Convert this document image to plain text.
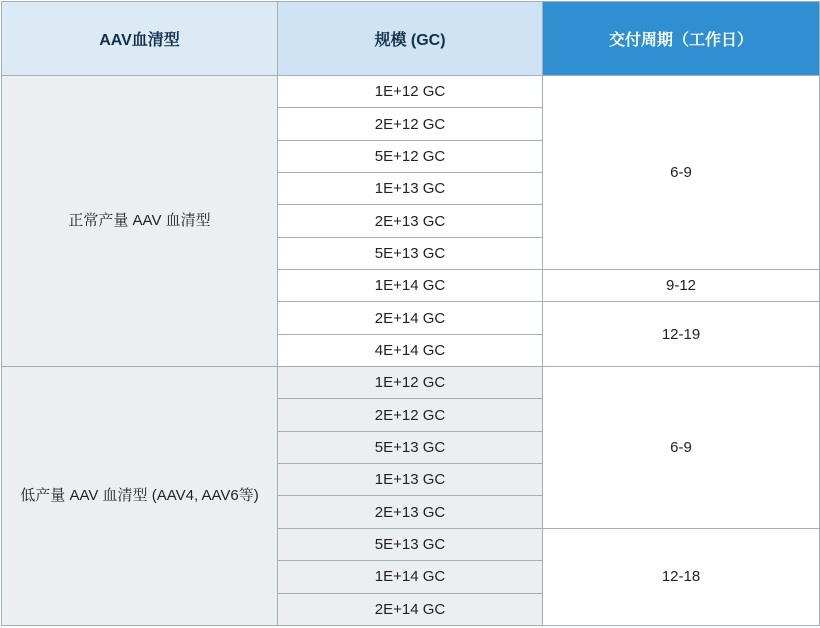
AAV血清型	规模 (GC)	交付周期（工作日）
正常产量 AAV 血清型	1E+12 GC	6-9
	2E+12 GC	
	5E+12 GC	
	1E+13 GC	
	2E+13 GC	
	5E+13 GC	
	1E+14 GC	9-12
	2E+14 GC	12-19
	4E+14 GC	
低产量 AAV 血清型 (AAV4, AAV6等)	1E+12 GC	6-9
	2E+12 GC	
	5E+13 GC	
	1E+13 GC	
	2E+13 GC	
	5E+13 GC	12-18
	1E+14 GC	
	2E+14 GC	
